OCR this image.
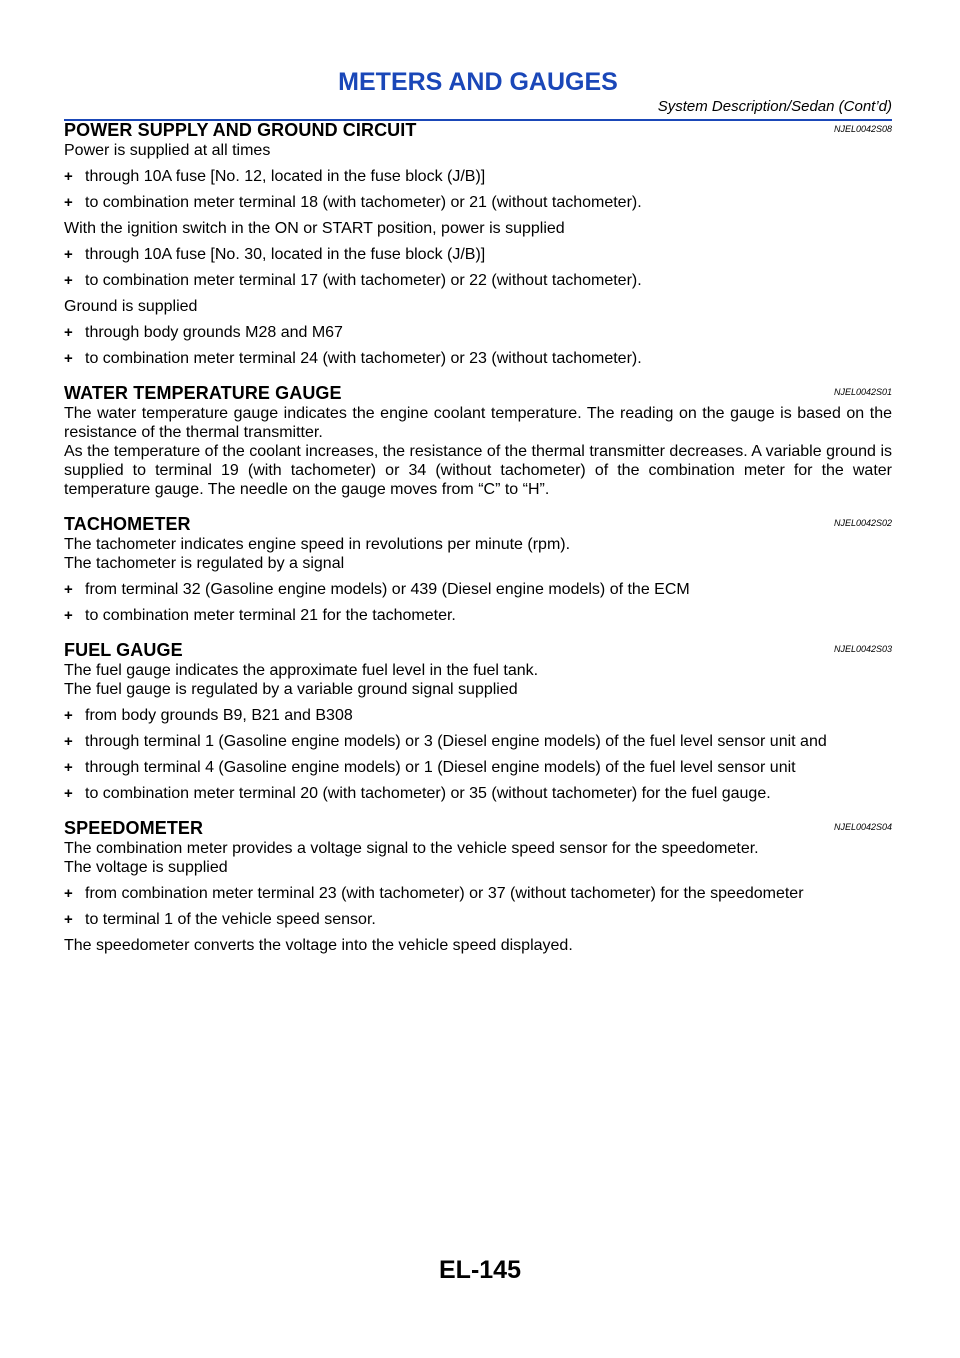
METERS AND GAUGES
System Description/Sedan (Cont’d)
POWER SUPPLY AND GROUND CIRCUIT	NJEL0042S08

Power is supplied at all times

+ through 10A fuse [No. 12, located in the fuse block (J/B)]
+ to combination meter terminal 18 (with tachometer) or 21 (without tachometer).

With the ignition switch in the ON or START position, power is supplied

+ through 10A fuse [No. 30, located in the fuse block (J/B)]
+ to combination meter terminal 17 (with tachometer) or 22 (without tachometer).

Ground is supplied

+ through body grounds M28 and M67
+ to combination meter terminal 24 (with tachometer) or 23 (without tachometer).
WATER TEMPERATURE GAUGE	NJEL0042S01

The water temperature gauge indicates the engine coolant temperature. The reading on the gauge is based on the resistance of the thermal transmitter.

As the temperature of the coolant increases, the resistance of the thermal transmitter decreases. A variable ground is supplied to terminal 19 (with tachometer) or 34 (without tachometer) of the combination meter for the water temperature gauge. The needle on the gauge moves from “C” to “H”.

TACHOMETER	NJEL0042S02

The tachometer indicates engine speed in revolutions per minute (rpm).

The tachometer is regulated by a signal

+ from terminal 32 (Gasoline engine models) or 439 (Diesel engine models) of the ECM
+ to combination meter terminal 21 for the tachometer.
FUEL GAUGE	NJEL0042S03

The fuel gauge indicates the approximate fuel level in the fuel tank.

The fuel gauge is regulated by a variable ground signal supplied

+ from body grounds B9, B21 and B308
+ through terminal 1 (Gasoline engine models) or 3 (Diesel engine models) of the fuel level sensor unit and
+ through terminal 4 (Gasoline engine models) or 1 (Diesel engine models) of the fuel level sensor unit
+ to combination meter terminal 20 (with tachometer) or 35 (without tachometer) for the fuel gauge.
SPEEDOMETER	NJEL0042S04

The combination meter provides a voltage signal to the vehicle speed sensor for the speedometer.

The voltage is supplied

+ from combination meter terminal 23 (with tachometer) or 37 (without tachometer) for the speedometer
+ to terminal 1 of the vehicle speed sensor.

The speedometer converts the voltage into the vehicle speed displayed.

EL-145
